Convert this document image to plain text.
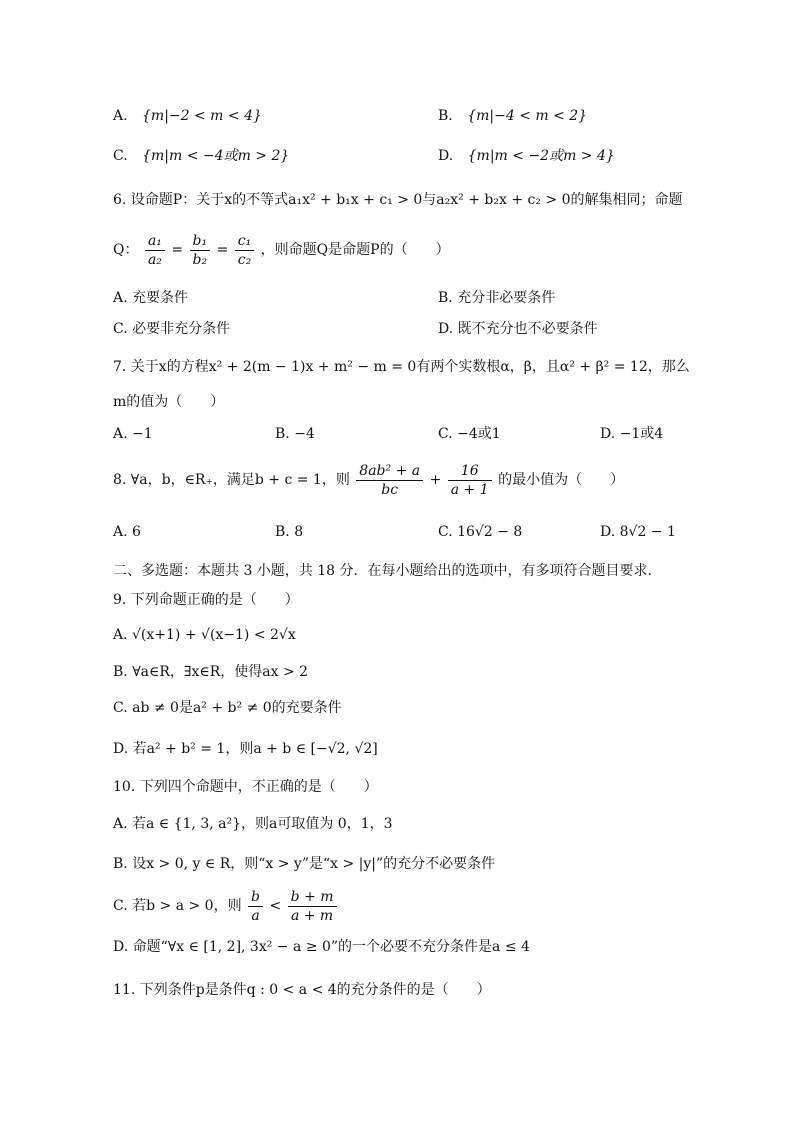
A. {m|−2 < m < 4}	B. {m|−4 < m < 2}
C. {m|m < −4或m > 2}	D. {m|m < −2或m > 4}
6. 设命题P：关于x的不等式a₁x² + b₁x + c₁ > 0与a₂x² + b₂x + c₂ > 0的解集相同；命题
Q： $\frac{\text{a₁}}{\text{a₂}} = \frac{\text{b₁}}{\text{b₂}} = \frac{\text{c₁}}{\text{c₂}}$ ，则命题Q是命题P的（　　）
A. 充要条件	B. 充分非必要条件
C. 必要非充分条件	D. 既不充分也不必要条件
7. 关于x的方程x² + 2(m − 1)x + m² − m = 0有两个实数根α，β，且α² + β² = 12，那么
m的值为（　　）
A. −1	B. −4	C. −4或1	D. −1或4
8. ∀a，b，∈R₊，满足b + c = 1，则 $\frac{\text{8ab² + a}}{bc} + \frac{16}{a + 1}$ 的最小值为（　　）
A. 6	B. 8	C. 16√2 − 8	D. 8√2 − 1
二、多选题：本题共 3 小题，共 18 分．在每小题给出的选项中，有多项符合题目要求．
9. 下列命题正确的是（　　）
A. √(x+1) + √(x−1) < 2√x
B. ∀a∈R，∃x∈R，使得ax > 2
C. ab ≠ 0是a² + b² ≠ 0的充要条件
D. 若a² + b² = 1，则a + b ∈ [−√2, √2]
10. 下列四个命题中，不正确的是（　　）
A. 若a ∈ {1, 3, a²}，则a可取值为 0，1，3
B. 设x > 0, y ∈ R，则“x > y”是“x > |y|”的充分不必要条件
C. 若b > a > 0，则 $\frac{b}{a} < \frac{b + m}{a + m}$
D. 命题“∀x ∈ [1, 2], 3x² − a ≥ 0”的一个必要不充分条件是a ≤ 4
11. 下列条件p是条件q : 0 < a < 4的充分条件的是（　　）
